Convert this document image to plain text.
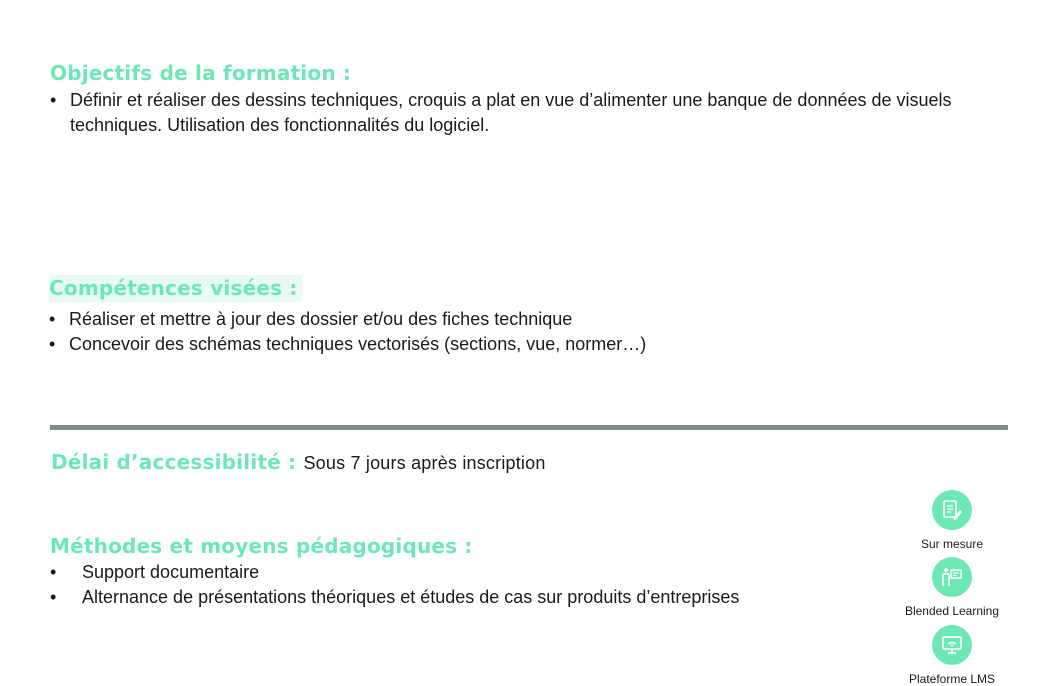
Objectifs de la formation :
• Définir et réaliser des dessins techniques, croquis a plat en vue d’alimenter une banque de données de visuels techniques. Utilisation des fonctionnalités du logiciel.
Compétences visées :
• Réaliser et mettre à jour des dossier et/ou des fiches technique
• Concevoir des schémas techniques vectorisés (sections, vue, normer…)
Délai d’accessibilité : Sous 7 jours après inscription
Méthodes et moyens pédagogiques :
• Support documentaire
• Alternance de présentations théoriques et études de cas sur produits d’entreprises
Sur mesure
Blended Learning
Plateforme LMS
